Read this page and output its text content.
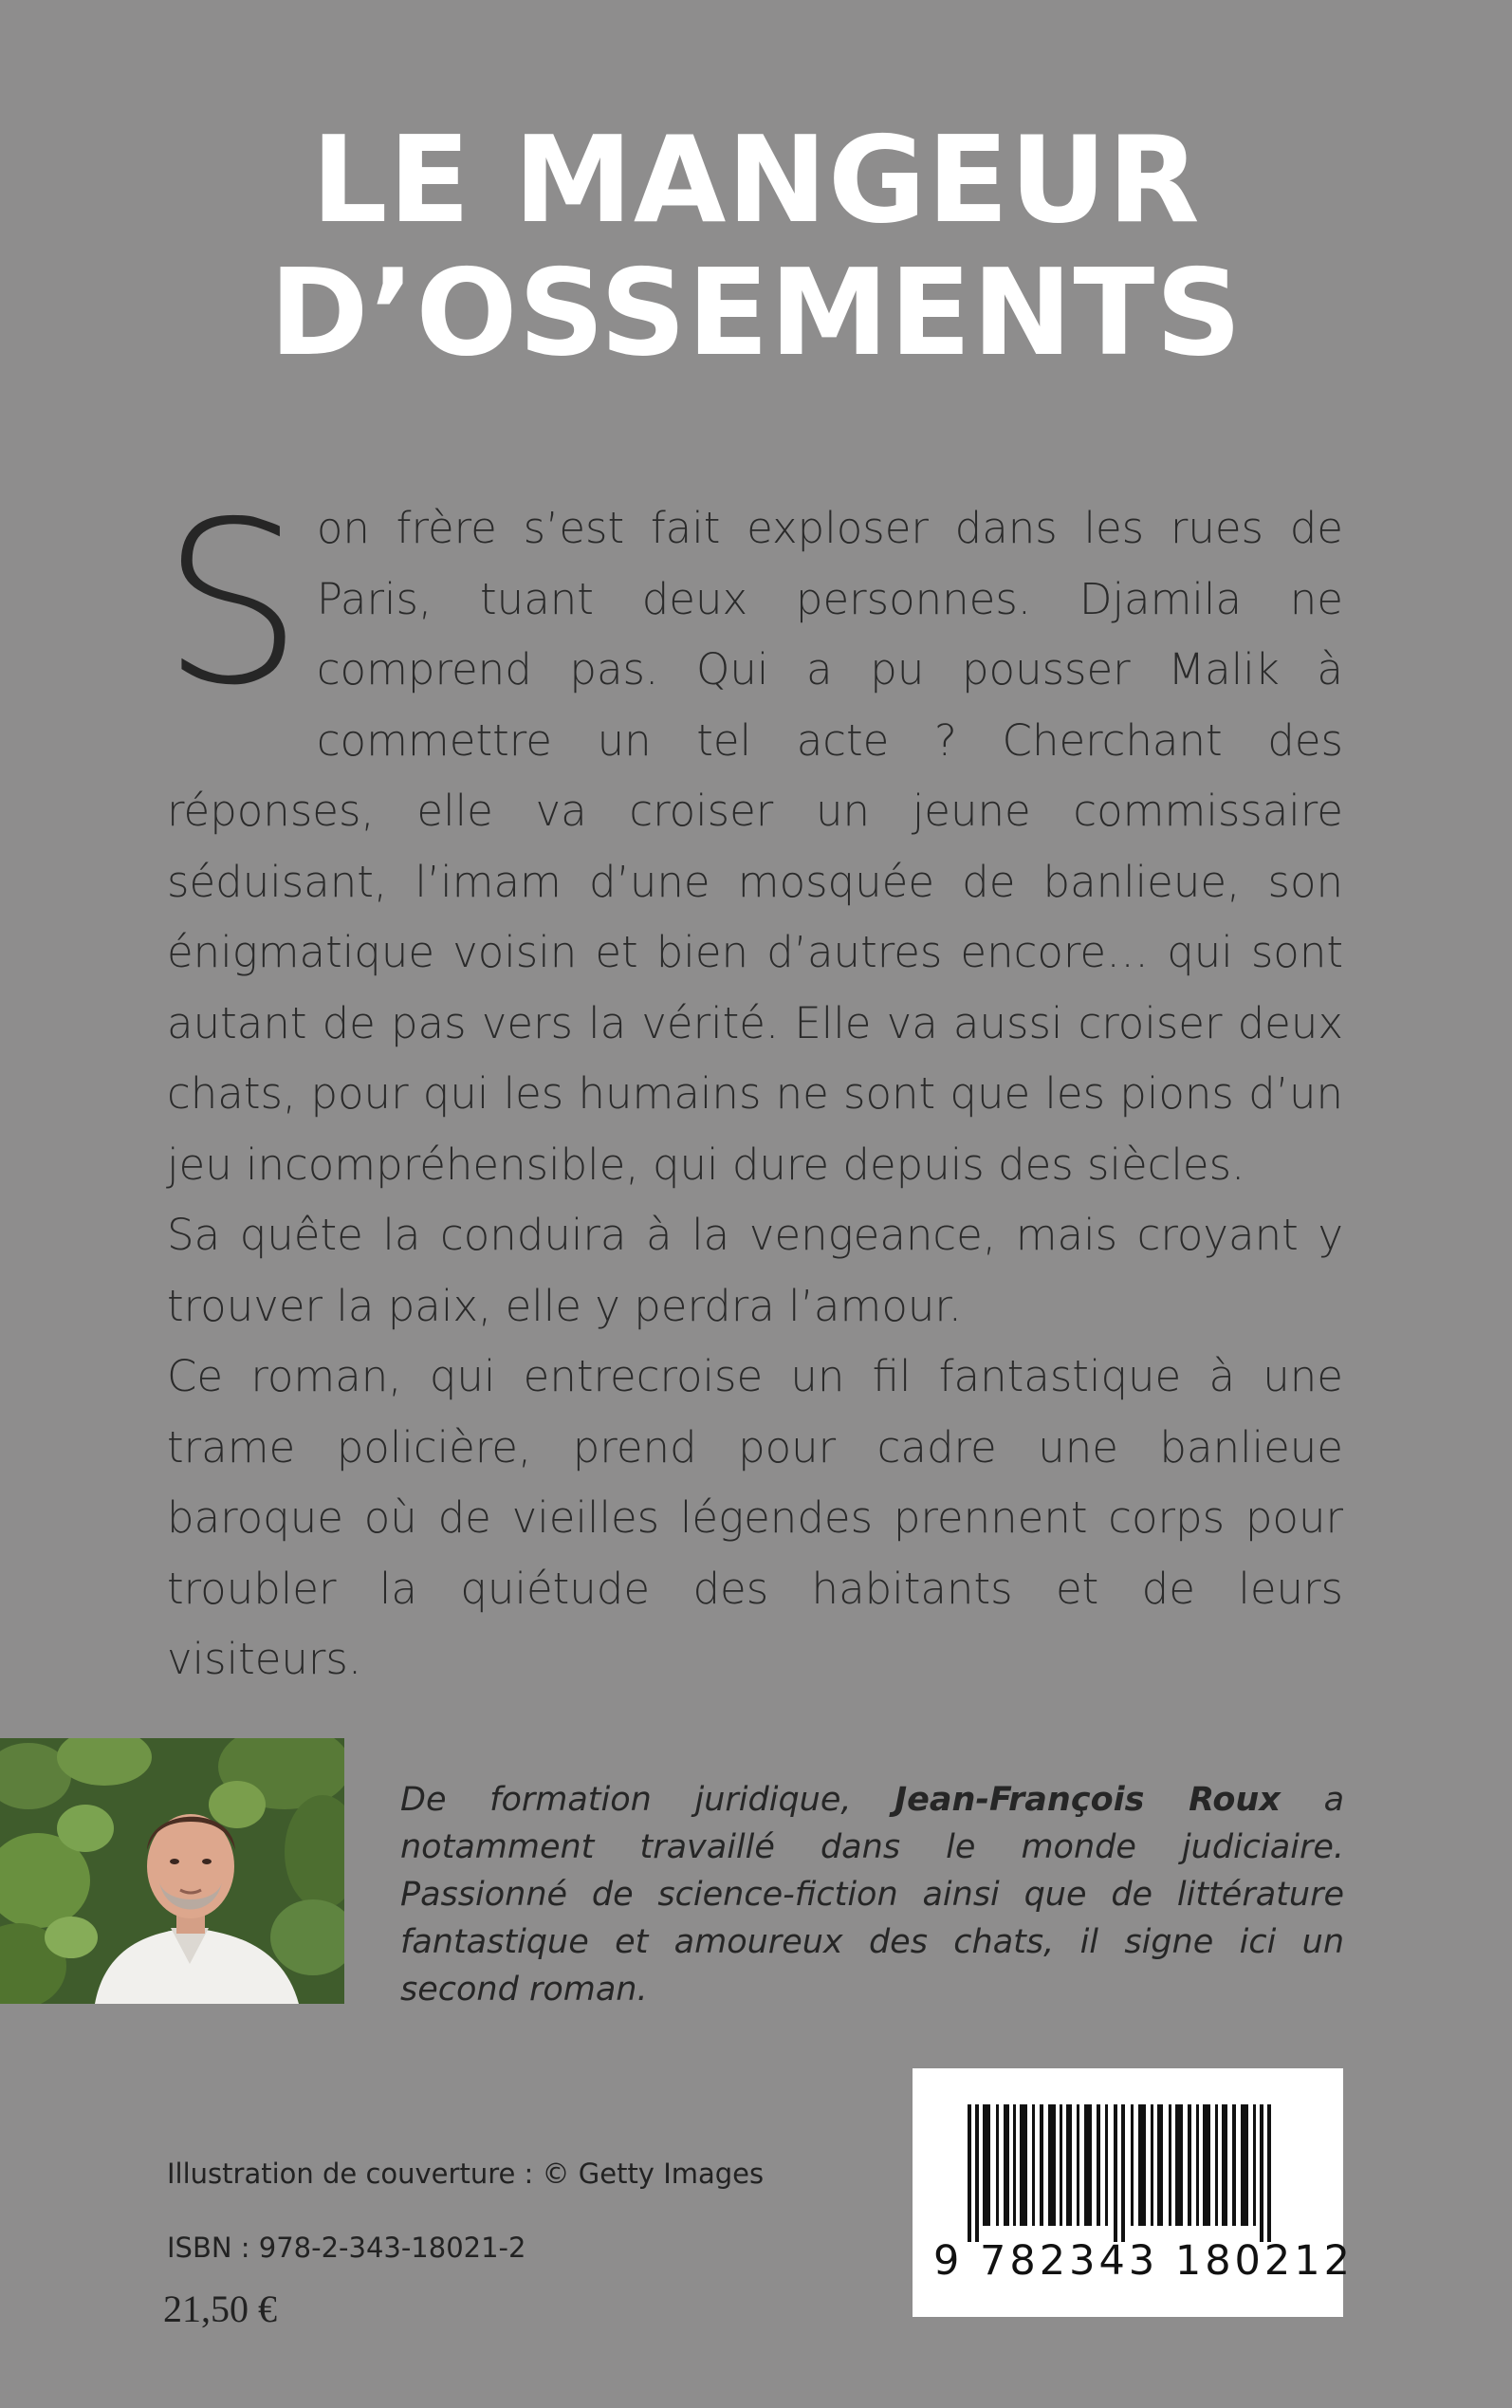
LE MANGEUR
D’OSSEMENTS

Son frère s’est fait exploser dans les rues de Paris, tuant deux personnes. Djamila ne comprend pas. Qui a pu pousser Malik à commettre un tel acte ? Cherchant des réponses, elle va croiser un jeune commissaire séduisant, l’imam d’une mosquée de banlieue, son énigmatique voisin et bien d’autres encore… qui sont autant de pas vers la vérité. Elle va aussi croiser deux chats, pour qui les humains ne sont que les pions d’un jeu incompréhensible, qui dure depuis des siècles.

Sa quête la conduira à la vengeance, mais croyant y trouver la paix, elle y perdra l’amour.

Ce roman, qui entrecroise un fil fantastique à une trame policière, prend pour cadre une banlieue baroque où de vieilles légendes prennent corps pour troubler la quiétude des habitants et de leurs visiteurs.

De formation juridique, Jean-François Roux a notamment travaillé dans le monde judiciaire. Passionné de science-fiction ainsi que de littérature fantastique et amoureux des chats, il signe ici un second roman.

Illustration de couverture : © Getty Images

ISBN : 978-2-343-18021-2

21,50 €

9 782343 180212
